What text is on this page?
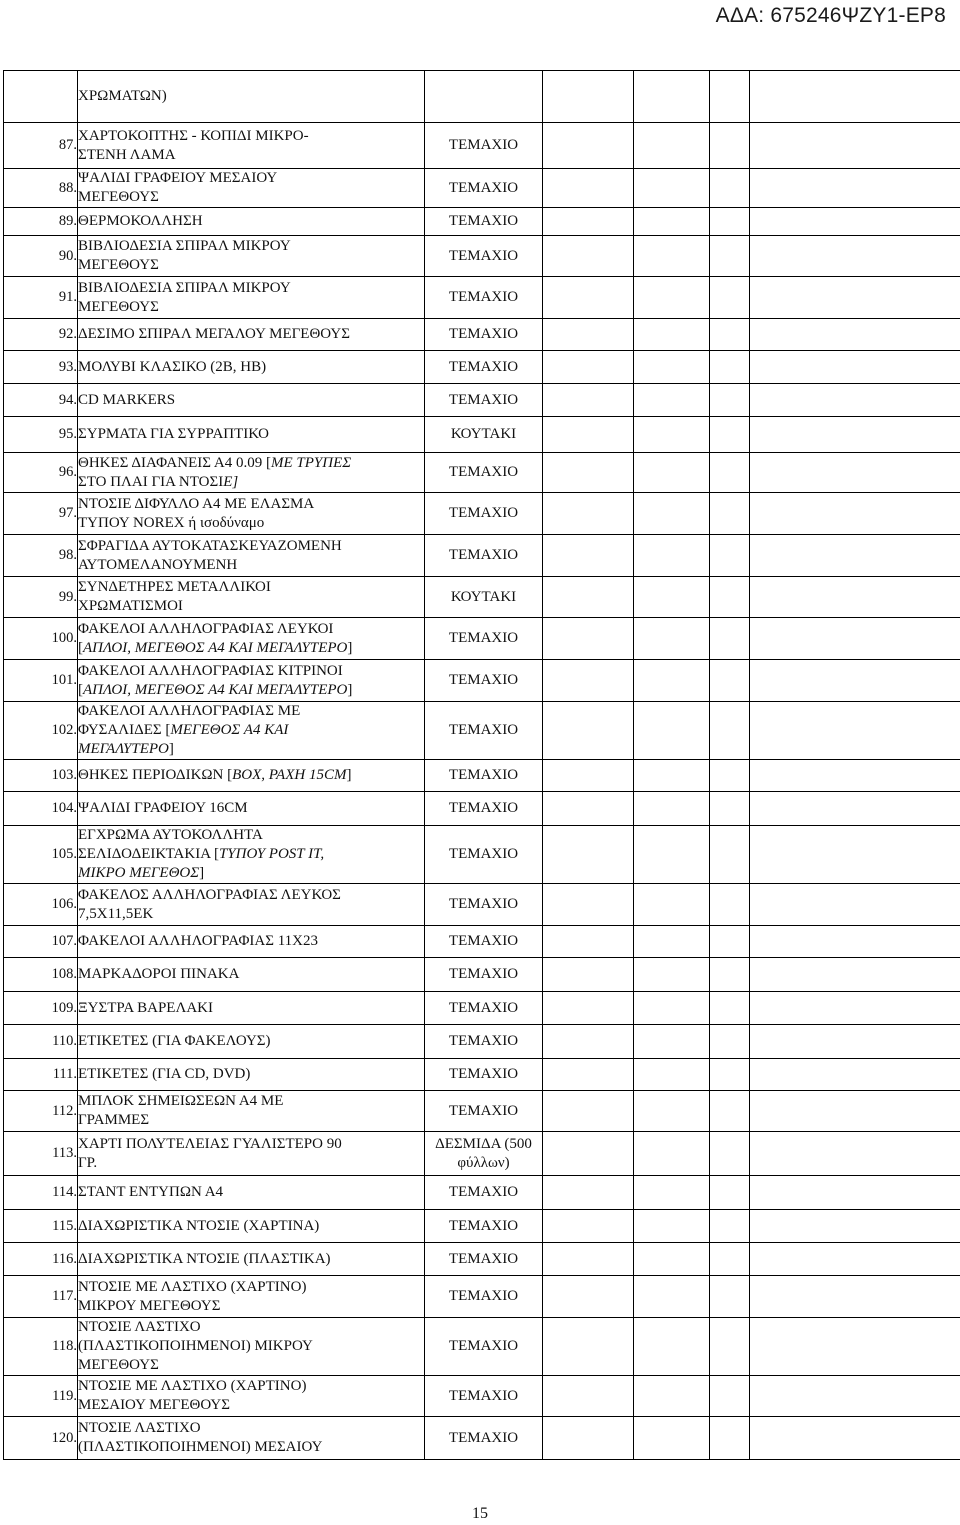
ΑΔΑ: 675246ΨΖΥ1-ΕΡ8

	ΧΡΩΜΑΤΩΝ)					

87.	ΧΑΡΤΟΚΟΠΤΗΣ - ΚΟΠΙΔΙ ΜΙΚΡΟ-
ΣΤΕΝΗ ΛΑΜΑ	ΤΕΜΑΧΙΟ				
88.	ΨΑΛΙΔΙ ΓΡΑΦΕΙΟΥ ΜΕΣΑΙΟΥ
ΜΕΓΕΘΟΥΣ	ΤΕΜΑΧΙΟ				
89.	ΘΕΡΜΟΚΟΛΛΗΣΗ	ΤΕΜΑΧΙΟ				
90.	ΒΙΒΛΙΟΔΕΣΙΑ ΣΠΙΡΑΛ ΜΙΚΡΟΥ
ΜΕΓΕΘΟΥΣ	ΤΕΜΑΧΙΟ				
91.	ΒΙΒΛΙΟΔΕΣΙΑ ΣΠΙΡΑΛ ΜΙΚΡΟΥ
ΜΕΓΕΘΟΥΣ	ΤΕΜΑΧΙΟ				
92.	ΔΕΣΙΜΟ ΣΠΙΡΑΛ ΜΕΓΑΛΟΥ ΜΕΓΕΘΟΥΣ	ΤΕΜΑΧΙΟ				
93.	ΜΟΛΥΒΙ ΚΛΑΣΙΚΟ (2Β, ΗΒ)	ΤΕΜΑΧΙΟ				
94.	CD MARKERS	ΤΕΜΑΧΙΟ				
95.	ΣΥΡΜΑΤΑ ΓΙΑ ΣΥΡΡΑΠΤΙΚΟ	ΚΟΥΤΑΚΙ				
96.	ΘΗΚΕΣ ΔΙΑΦΑΝΕΙΣ Α4 0.09 [ΜΕ ΤΡΥΠΕΣ
ΣΤΟ ΠΛΑΙ ΓΙΑ ΝΤΟΣΙΕ]	ΤΕΜΑΧΙΟ				
97.	ΝΤΟΣΙΕ ΔΙΦΥΛΛΟ Α4 ΜΕ ΕΛΑΣΜΑ
ΤΥΠΟΥ NOREX ή ισοδύναμο	ΤΕΜΑΧΙΟ				
98.	ΣΦΡΑΓΙΔΑ ΑΥΤΟΚΑΤΑΣΚΕΥΑΖΟΜΕΝΗ
ΑΥΤΟΜΕΛΑΝΟΥΜΕΝΗ	ΤΕΜΑΧΙΟ				
99.	ΣΥΝΔΕΤΗΡΕΣ ΜΕΤΑΛΛΙΚΟΙ
ΧΡΩΜΑΤΙΣΜΟΙ	ΚΟΥΤΑΚΙ				
100.	ΦΑΚΕΛΟΙ ΑΛΛΗΛΟΓΡΑΦΙΑΣ ΛΕΥΚΟΙ
[ΑΠΛΟΙ, ΜΕΓΕΘΟΣ Α4 ΚΑΙ ΜΕΓΑΛΥΤΕΡΟ]	ΤΕΜΑΧΙΟ				
101.	ΦΑΚΕΛΟΙ ΑΛΛΗΛΟΓΡΑΦΙΑΣ ΚΙΤΡΙΝΟΙ
[ΑΠΛΟΙ, ΜΕΓΕΘΟΣ Α4 ΚΑΙ ΜΕΓΑΛΥΤΕΡΟ]	ΤΕΜΑΧΙΟ				
102.	ΦΑΚΕΛΟΙ ΑΛΛΗΛΟΓΡΑΦΙΑΣ ΜΕ
ΦΥΣΑΛΙΔΕΣ [ΜΕΓΕΘΟΣ Α4 ΚΑΙ
ΜΕΓΑΛΥΤΕΡΟ]	ΤΕΜΑΧΙΟ				
103.	ΘΗΚΕΣ ΠΕΡΙΟΔΙΚΩΝ [BOX, ΡΑΧΗ 15CM]	ΤΕΜΑΧΙΟ				
104.	ΨΑΛΙΔΙ ΓΡΑΦΕΙΟΥ 16CM	ΤΕΜΑΧΙΟ				
105.	ΕΓΧΡΩΜΑ ΑΥΤΟΚΟΛΛΗΤΑ
ΣΕΛΙΔΟΔΕΙΚΤΑΚΙΑ [ΤΥΠΟΥ POST IT,
ΜΙΚΡΟ ΜΕΓΕΘΟΣ]	ΤΕΜΑΧΙΟ				
106.	ΦΑΚΕΛΟΣ ΑΛΛΗΛΟΓΡΑΦΙΑΣ ΛΕΥΚΟΣ
7,5Χ11,5ΕΚ	ΤΕΜΑΧΙΟ				
107.	ΦΑΚΕΛΟΙ ΑΛΛΗΛΟΓΡΑΦΙΑΣ 11Χ23	ΤΕΜΑΧΙΟ				
108.	ΜΑΡΚΑΔΟΡΟΙ ΠΙΝΑΚΑ	ΤΕΜΑΧΙΟ				
109.	ΞΥΣΤΡΑ ΒΑΡΕΛΑΚΙ	ΤΕΜΑΧΙΟ				
110.	ΕΤΙΚΕΤΕΣ (ΓΙΑ ΦΑΚΕΛΟΥΣ)	ΤΕΜΑΧΙΟ				
111.	ΕΤΙΚΕΤΕΣ (ΓΙΑ CD, DVD)	ΤΕΜΑΧΙΟ				
112.	ΜΠΛΟΚ ΣΗΜΕΙΩΣΕΩΝ Α4 ΜΕ
ΓΡΑΜΜΕΣ	ΤΕΜΑΧΙΟ				
113.	ΧΑΡΤΙ ΠΟΛΥΤΕΛΕΙΑΣ ΓΥΑΛΙΣΤΕΡΟ 90
ΓΡ.	ΔΕΣΜΙΔΑ (500 φύλλων)				
114.	ΣΤΑΝΤ ΕΝΤΥΠΩΝ Α4	ΤΕΜΑΧΙΟ				
115.	ΔΙΑΧΩΡΙΣΤΙΚΑ ΝΤΟΣΙΕ (ΧΑΡΤΙΝΑ)	ΤΕΜΑΧΙΟ				
116.	ΔΙΑΧΩΡΙΣΤΙΚΑ ΝΤΟΣΙΕ (ΠΛΑΣΤΙΚΑ)	ΤΕΜΑΧΙΟ				
117.	ΝΤΟΣΙΕ ΜΕ ΛΑΣΤΙΧΟ (ΧΑΡΤΙΝΟ)
ΜΙΚΡΟΥ ΜΕΓΕΘΟΥΣ	ΤΕΜΑΧΙΟ				
118.	ΝΤΟΣΙΕ ΛΑΣΤΙΧΟ
(ΠΛΑΣΤΙΚΟΠΟΙΗΜΕΝΟΙ) ΜΙΚΡΟΥ
ΜΕΓΕΘΟΥΣ	ΤΕΜΑΧΙΟ				
119.	ΝΤΟΣΙΕ ΜΕ ΛΑΣΤΙΧΟ (ΧΑΡΤΙΝΟ)
ΜΕΣΑΙΟΥ ΜΕΓΕΘΟΥΣ	ΤΕΜΑΧΙΟ				
120.	ΝΤΟΣΙΕ ΛΑΣΤΙΧΟ
(ΠΛΑΣΤΙΚΟΠΟΙΗΜΕΝΟΙ) ΜΕΣΑΙΟΥ	ΤΕΜΑΧΙΟ				
15
